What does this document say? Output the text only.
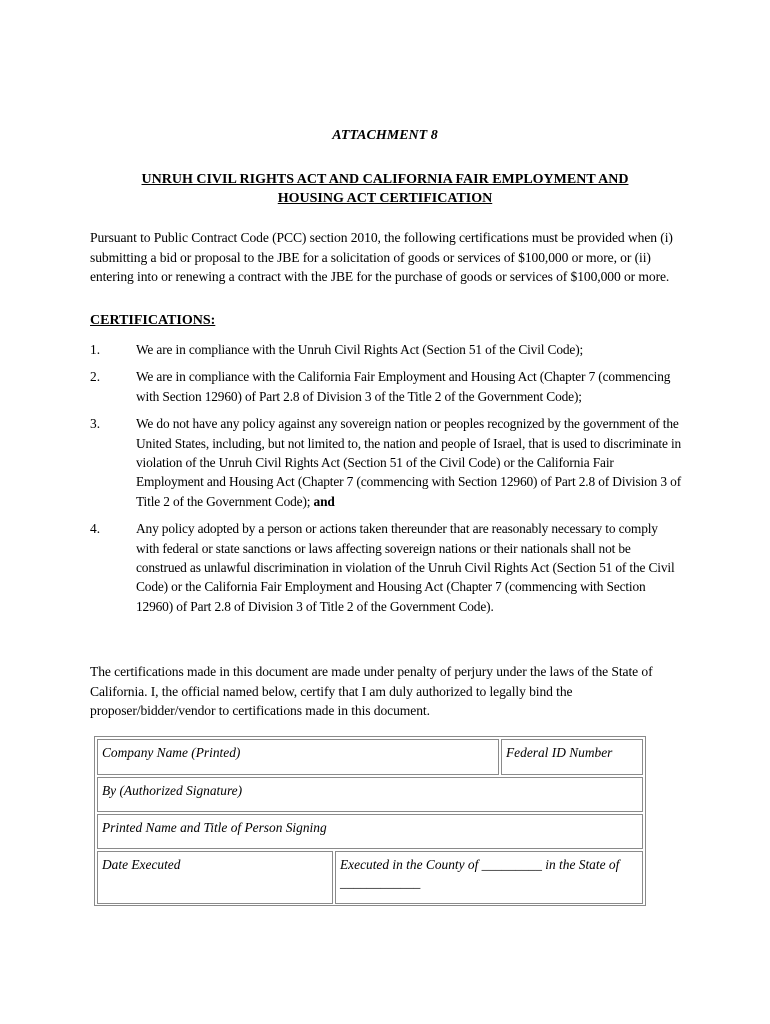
ATTACHMENT 8
UNRUH CIVIL RIGHTS ACT AND CALIFORNIA FAIR EMPLOYMENT AND
HOUSING ACT CERTIFICATION
Pursuant to Public Contract Code (PCC) section 2010, the following certifications must be provided when (i) submitting a bid or proposal to the JBE for a solicitation of goods or services of $100,000 or more, or (ii) entering into or renewing a contract with the JBE for the purchase of goods or services of $100,000 or more.
CERTIFICATIONS:
1.	We are in compliance with the Unruh Civil Rights Act (Section 51 of the Civil Code);
2.	We are in compliance with the California Fair Employment and Housing Act (Chapter 7 (commencing with Section 12960) of Part 2.8 of Division 3 of the Title 2 of the Government Code);
3.	We do not have any policy against any sovereign nation or peoples recognized by the government of the United States, including, but not limited to, the nation and people of Israel, that is used to discriminate in violation of the Unruh Civil Rights Act (Section 51 of the Civil Code) or the California Fair Employment and Housing Act (Chapter 7 (commencing with Section 12960) of Part 2.8 of Division 3 of Title 2 of the Government Code); and
4.	Any policy adopted by a person or actions taken thereunder that are reasonably necessary to comply with federal or state sanctions or laws affecting sovereign nations or their nationals shall not be construed as unlawful discrimination in violation of the Unruh Civil Rights Act (Section 51 of the Civil Code) or the California Fair Employment and Housing Act (Chapter 7 (commencing with Section 12960) of Part 2.8 of Division 3 of Title 2 of the Government Code).
The certifications made in this document are made under penalty of perjury under the laws of the State of California. I, the official named below, certify that I am duly authorized to legally bind the proposer/bidder/vendor to certifications made in this document.
Company Name (Printed)	Federal ID Number
By (Authorized Signature)
Printed Name and Title of Person Signing
Date Executed	Executed in the County of _________ in the State of ____________
